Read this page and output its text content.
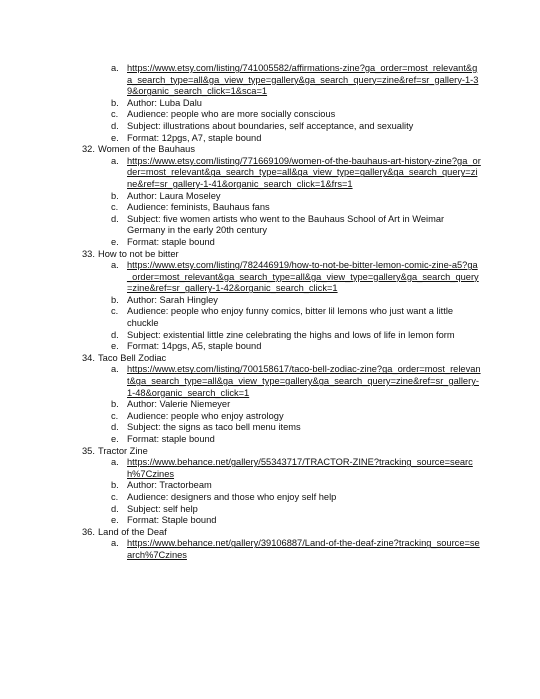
a. https://www.etsy.com/listing/741005582/affirmations-zine?ga_order=most_relevant&ga_search_type=all&ga_view_type=gallery&ga_search_query=zine&ref=sr_gallery-1-39&organic_search_click=1&sca=1
b. Author: Luba Dalu
c. Audience: people who are more socially conscious
d. Subject: illustrations about boundaries, self acceptance, and sexuality
e. Format: 12pgs, A7, staple bound
32. Women of the Bauhaus
a. https://www.etsy.com/listing/771669109/women-of-the-bauhaus-art-history-zine?ga_order=most_relevant&ga_search_type=all&ga_view_type=gallery&ga_search_query=zine&ref=sr_gallery-1-41&organic_search_click=1&frs=1
b. Author: Laura Moseley
c. Audience: feminists, Bauhaus fans
d. Subject: five women artists who went to the Bauhaus School of Art in Weimar Germany in the early 20th century
e. Format: staple bound
33. How to not be bitter
a. https://www.etsy.com/listing/782446919/how-to-not-be-bitter-lemon-comic-zine-a5?ga_order=most_relevant&ga_search_type=all&ga_view_type=gallery&ga_search_query=zine&ref=sr_gallery-1-42&organic_search_click=1
b. Author: Sarah Hingley
c. Audience: people who enjoy funny comics, bitter lil lemons who just want a little chuckle
d. Subject: existential little zine celebrating the highs and lows of life in lemon form
e. Format: 14pgs, A5, staple bound
34. Taco Bell Zodiac
a. https://www.etsy.com/listing/700158617/taco-bell-zodiac-zine?ga_order=most_relevant&ga_search_type=all&ga_view_type=gallery&ga_search_query=zine&ref=sr_gallery-1-48&organic_search_click=1
b. Author: Valerie Niemeyer
c. Audience: people who enjoy astrology
d. Subject: the signs as taco bell menu items
e. Format: staple bound
35. Tractor Zine
a. https://www.behance.net/gallery/55343717/TRACTOR-ZINE?tracking_source=search%7Czines
b. Author: Tractorbeam
c. Audience: designers and those who enjoy self help
d. Subject: self help
e. Format: Staple bound
36. Land of the Deaf
a. https://www.behance.net/gallery/39106887/Land-of-the-deaf-zine?tracking_source=search%7Czines
